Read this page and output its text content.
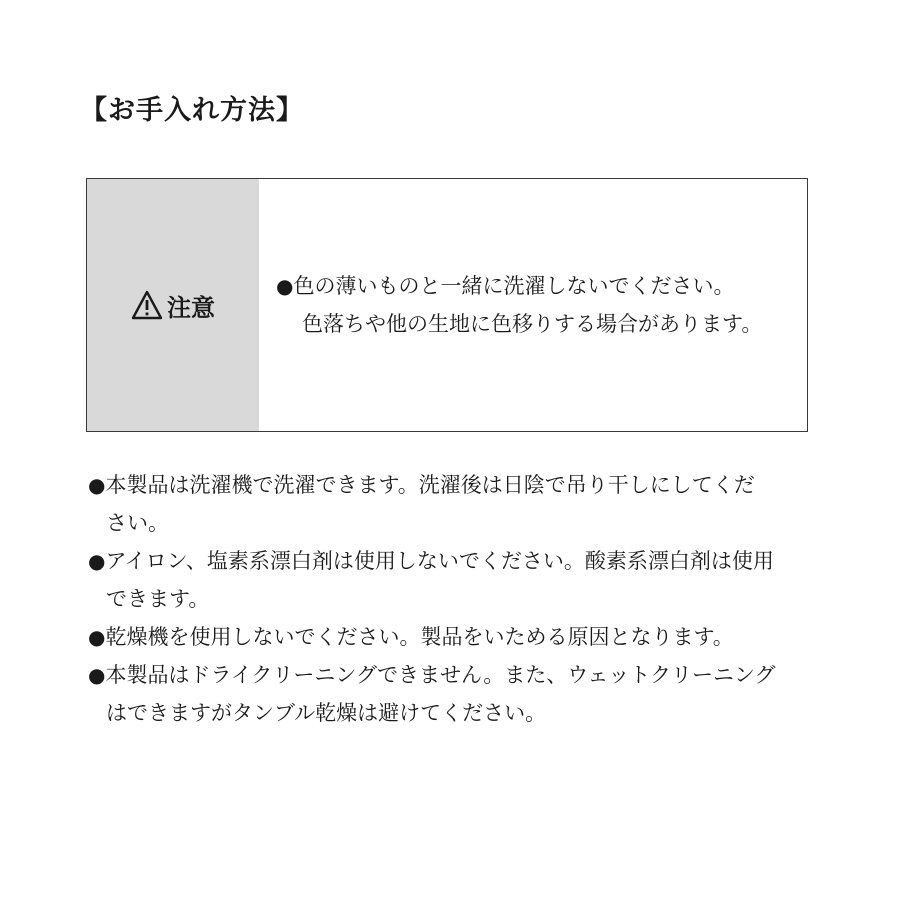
【お手入れ方法】
注意
●色の薄いものと一緒に洗濯しないでください。
色落ちや他の生地に色移りする場合があります。
●本製品は洗濯機で洗濯できます。洗濯後は日陰で吊り干しにしてくだ
さい。
●アイロン、塩素系漂白剤は使用しないでください。酸素系漂白剤は使用
できます。
●乾燥機を使用しないでください。製品をいためる原因となります。
●本製品はドライクリーニングできません。また、ウェットクリーニング
はできますがタンブル乾燥は避けてください。
